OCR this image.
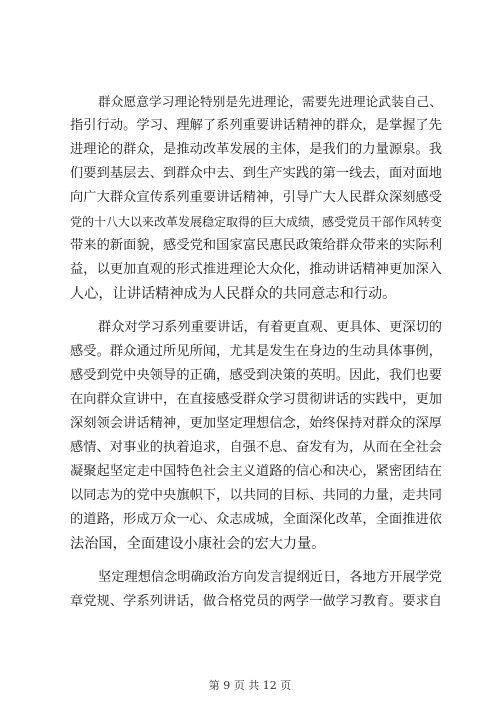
群众愿意学习理论特别是先进理论，需要先进理论武装自己、
指引行动。学习、理解了系列重要讲话精神的群众，是掌握了先
进理论的群众，是推动改革发展的主体，是我们的力量源泉。我
们要到基层去、到群众中去、到生产实践的第一线去，面对面地
向广大群众宣传系列重要讲话精神，引导广大人民群众深刻感受
党的十八大以来改革发展稳定取得的巨大成绩，感受党员干部作风转变
带来的新面貌，感受党和国家富民惠民政策给群众带来的实际利
益，以更加直观的形式推进理论大众化，推动讲话精神更加深入
人心，让讲话精神成为人民群众的共同意志和行动。
群众对学习系列重要讲话，有着更直观、更具体、更深切的
感受。群众通过所见所闻，尤其是发生在身边的生动具体事例，
感受到党中央领导的正确，感受到决策的英明。因此，我们也要
在向群众宣讲中，在直接感受群众学习贯彻讲话的实践中，更加
深刻领会讲话精神，更加坚定理想信念，始终保持对群众的深厚
感情、对事业的执着追求，自强不息、奋发有为，从而在全社会
凝聚起坚定走中国特色社会主义道路的信心和决心，紧密团结在
以同志为的党中央旗帜下，以共同的目标、共同的力量，走共同
的道路，形成万众一心、众志成城，全面深化改革，全面推进依
法治国，全面建设小康社会的宏大力量。
坚定理想信念明确政治方向发言提纲近日，各地方开展学党
章党规、学系列讲话，做合格党员的两学一做学习教育。要求自
第 9 页 共 12 页
